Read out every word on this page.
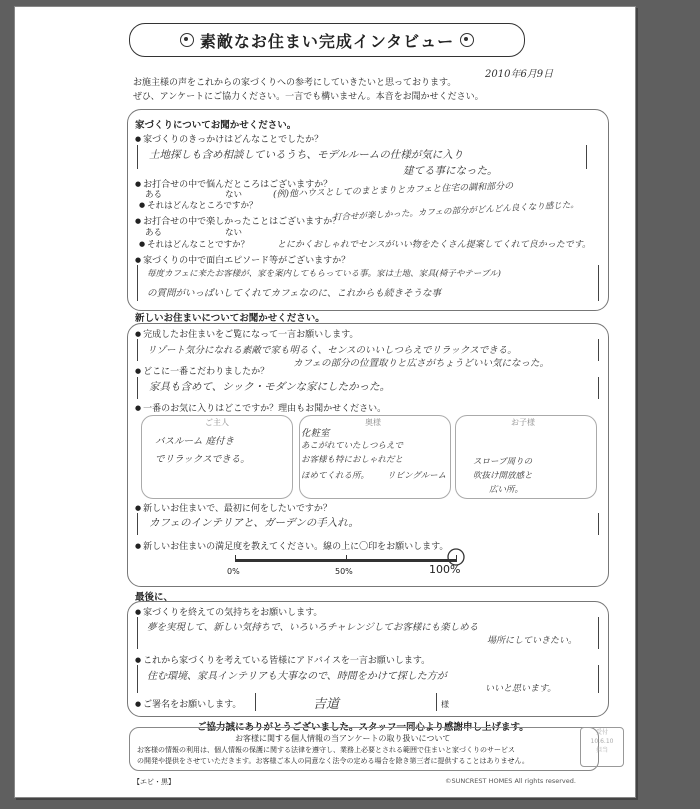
素敵なお住まい完成インタビュー
2010年6月9日
お施主様の声をこれからの家づくりへの参考にしていきたいと思っております。
ぜひ、アンケートにご協力ください。一言でも構いません。本音をお聞かせください。
家づくりについてお聞かせください。
● 家づくりのきっかけはどんなことでしたか？
土地探しも含め相談しているうち、モデルルームの仕様が気に入り
建てる事になった。
● お打合せの中で悩んだところはございますか？
ある	ない
● それはどんなところですか？
(例)他ハウスとしてのまとまりとカフェと住宅の調和部分の
● お打合せの中で楽しかったことはございますか？
打合せが楽しかった。カフェの部分がどんどん良くなり感じた。
ある	ない
● それはどんなことですか？	とにかくおしゃれでセンスがいい物をたくさん提案してくれて良かったです。
● 家づくりの中で面白エピソード等がございますか？
毎度カフェに来たお客様が、家を案内してもらっている事。家は土地、家具(椅子やテーブル)
の質問がいっぱいしてくれてカフェなのに、これからも続きそうな事
新しいお住まいについてお聞かせください。
● 完成したお住まいをご覧になって一言お願いします。
リゾート気分になれる素敵で家も明るく、センスのいいしつらえでリラックスできる。
● どこに一番こだわりましたか？
カフェの部分の位置取りと広さがちょうどいい気になった。
家具も含めて、シック・モダンな家にしたかった。
● 一番のお気に入りはどこですか？理由もお聞かせください。
ご主人	奥様	お子様
バスルーム 庭付き
でリラックスできる。
化粧室
あこがれていたしつらえで
お客様も特におしゃれだと
ほめてくれる所。 リビングルーム
スロープ周りの
吹抜け開放感と
広い所。
● 新しいお住まいで、最初に何をしたいですか？
カフェのインテリアと、ガーデンの手入れ。
● 新しいお住まいの満足度を教えてください。線の上に〇印をお願いします。
0%	50%	100%
最後に、
● 家づくりを終えての気持ちをお願いします。
夢を実現して、新しい気持ちで、いろいろチャレンジしてお客様にも楽しめる
場所にしていきたい。
● これから家づくりを考えている皆様にアドバイスを一言お願いします。
住む環境、家具インテリアも大事なので、時間をかけて探した方が
いいと思います。
● ご署名をお願いします。	吉道	様
ご協力誠にありがとうございました。スタッフ一同心より感謝申し上げます。
お客様に関する個人情報の当アンケートの取り扱いについて
お客様の情報の利用は、個人情報の保護に関する法律を遵守し、業務上必要とされる範囲で住まいと家づくりのサービス
の開発や提供をさせていただきます。お客様ご本人の同意なく法令の定める場合を除き第三者に提供することはありません。
【エビ・黒】	©SUNCREST HOMES All rights reserved.
受付
10.6.10
担当
